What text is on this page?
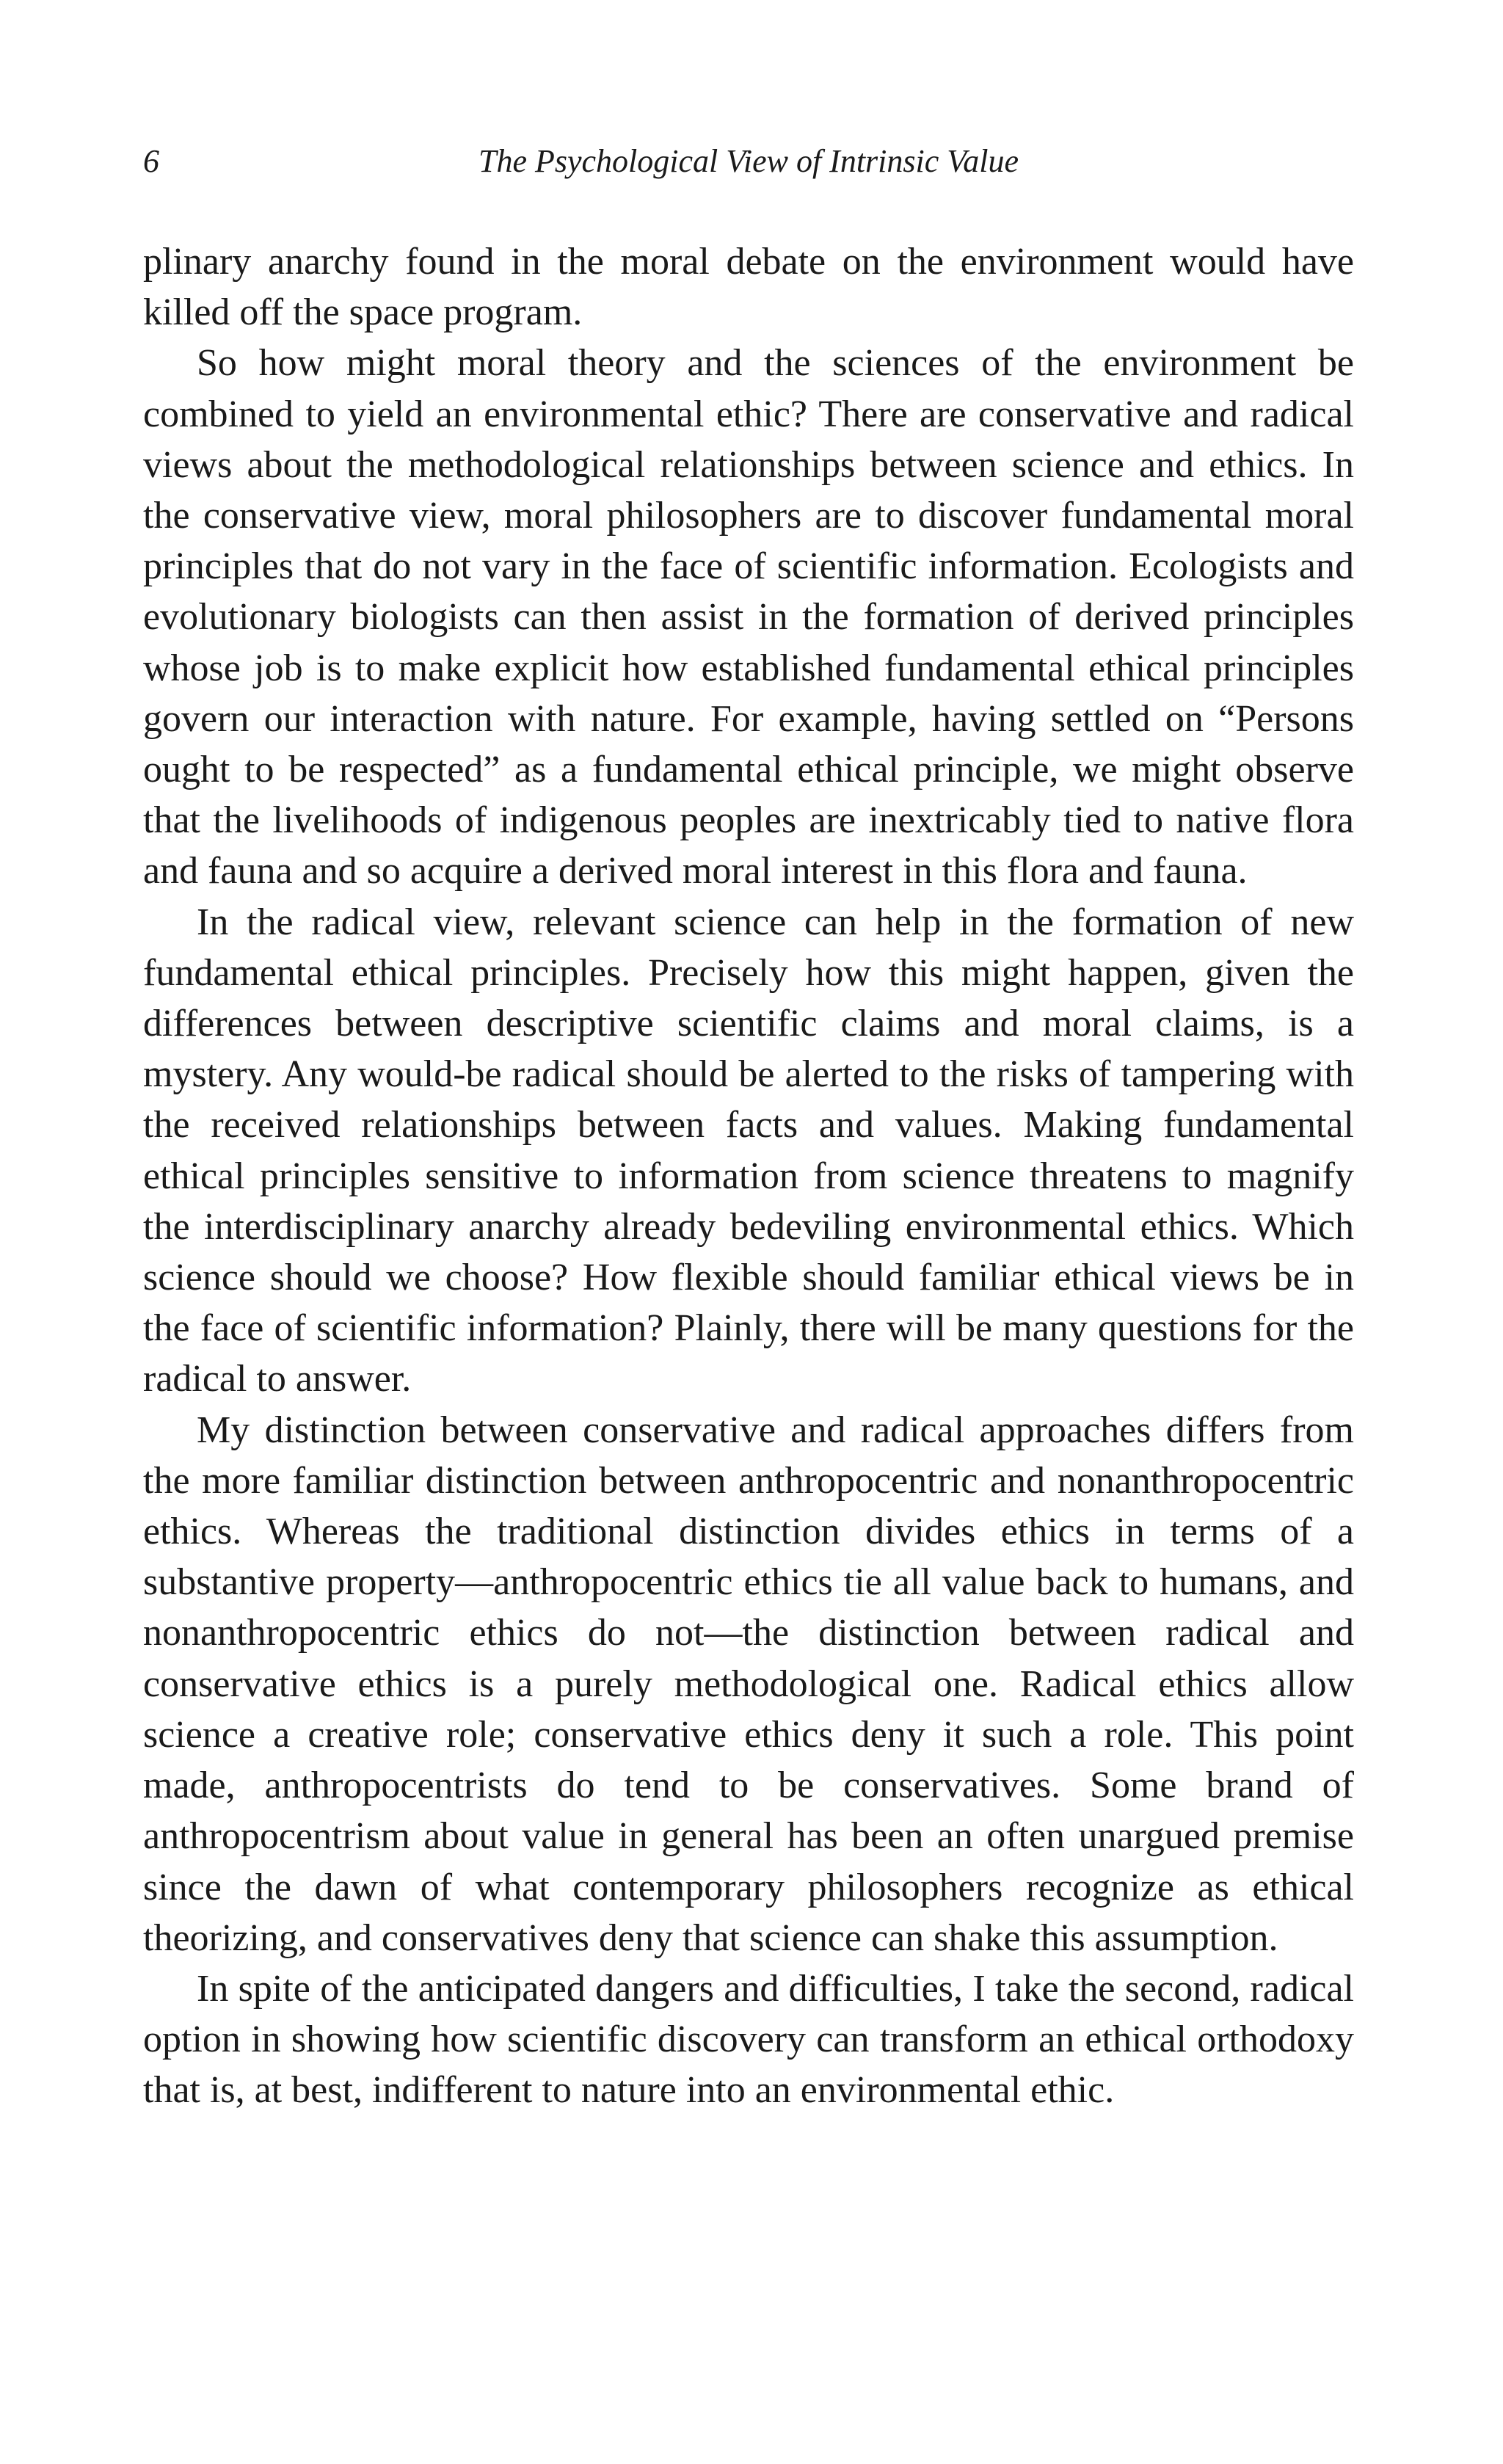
6	The Psychological View of Intrinsic Value

plinary anarchy found in the moral debate on the environment would have killed off the space program.

So how might moral theory and the sciences of the environment be combined to yield an environmental ethic? There are conservative and radical views about the methodological relationships between science and ethics. In the conservative view, moral philosophers are to discover fundamental moral principles that do not vary in the face of scientific information. Ecologists and evolutionary biologists can then assist in the formation of derived principles whose job is to make explicit how established fundamental ethical principles govern our interaction with nature. For example, having settled on “Persons ought to be respected” as a fundamental ethical principle, we might observe that the livelihoods of indigenous peoples are inextricably tied to native flora and fauna and so acquire a derived moral interest in this flora and fauna.

In the radical view, relevant science can help in the formation of new fundamental ethical principles. Precisely how this might happen, given the differences between descriptive scientific claims and moral claims, is a mystery. Any would-be radical should be alerted to the risks of tampering with the received relationships between facts and values. Making fundamental ethical principles sensitive to information from science threatens to magnify the interdisciplinary anarchy already bedeviling environmental ethics. Which science should we choose? How flexible should familiar ethical views be in the face of scientific information? Plainly, there will be many questions for the radical to answer.

My distinction between conservative and radical approaches differs from the more familiar distinction between anthropocentric and nonanthropocentric ethics. Whereas the traditional distinction divides ethics in terms of a substantive property—anthropocentric ethics tie all value back to humans, and nonanthropocentric ethics do not—the distinction between radical and conservative ethics is a purely methodological one. Radical ethics allow science a creative role; conservative ethics deny it such a role. This point made, anthropocentrists do tend to be conservatives. Some brand of anthropocentrism about value in general has been an often unargued premise since the dawn of what contemporary philosophers recognize as ethical theorizing, and conservatives deny that science can shake this assumption.

In spite of the anticipated dangers and difficulties, I take the second, radical option in showing how scientific discovery can transform an ethical orthodoxy that is, at best, indifferent to nature into an environmental ethic.
